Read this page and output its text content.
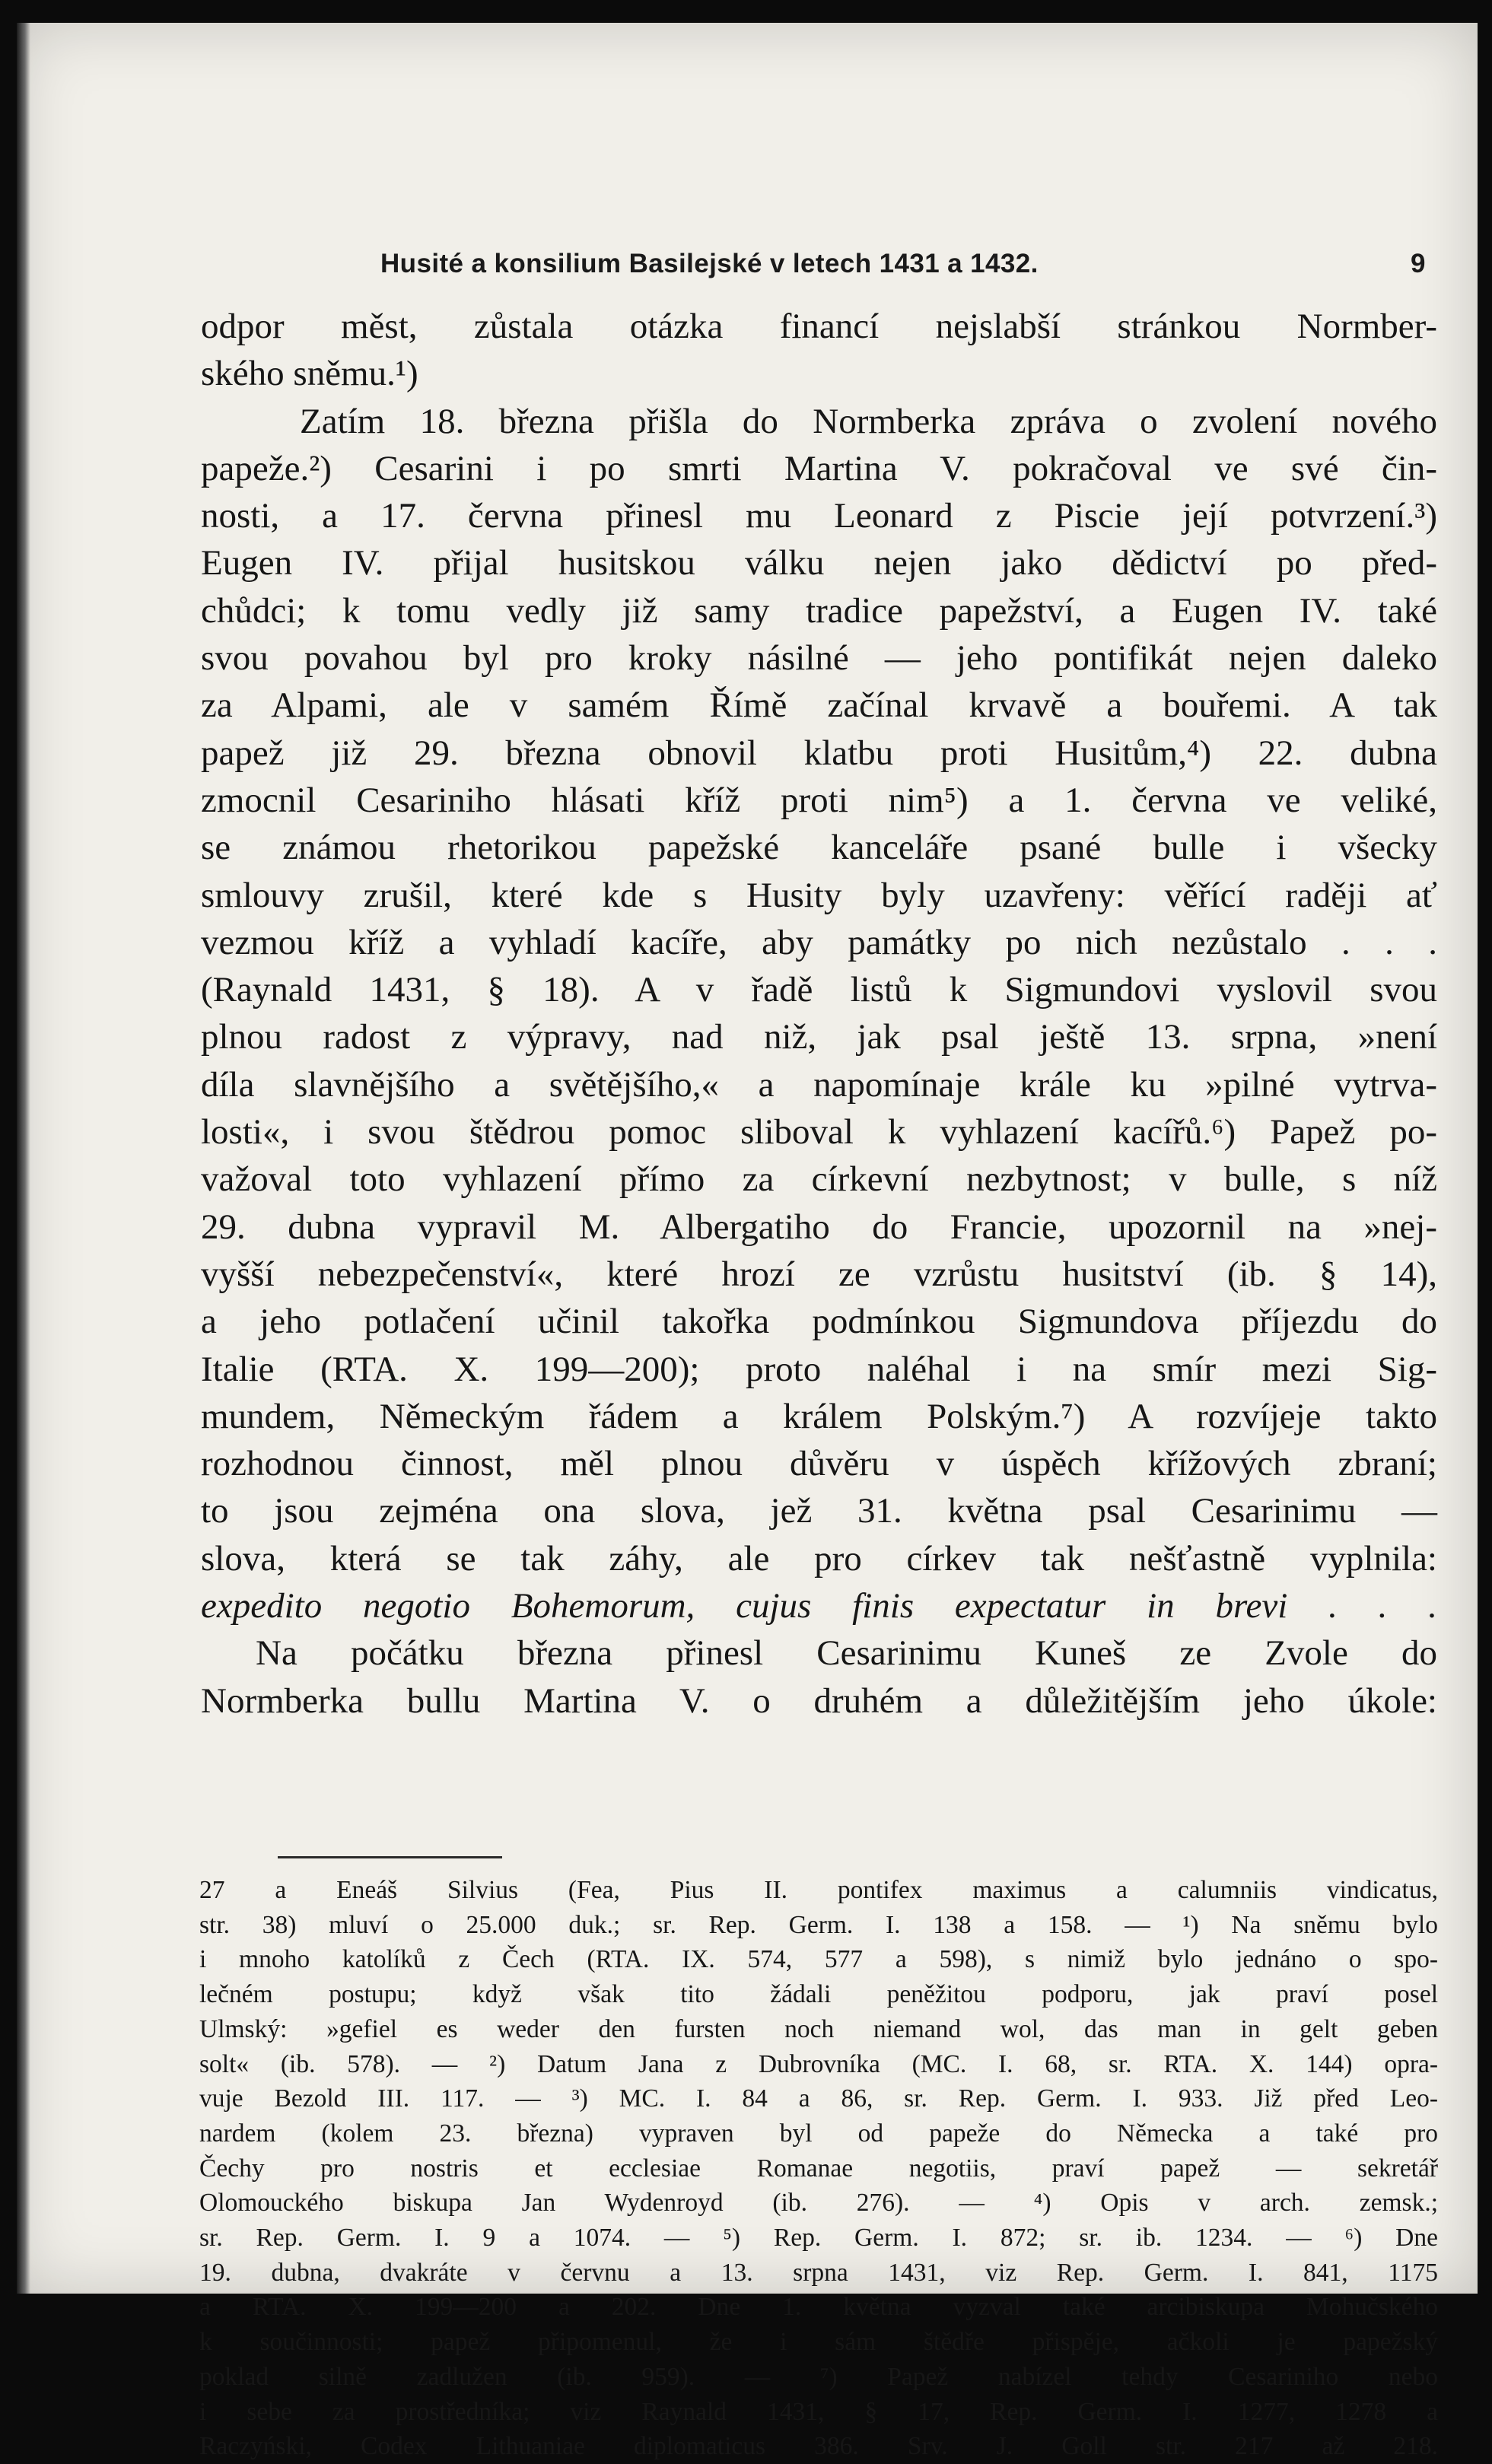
Husité a konsilium Basilejské v letech 1431 a 1432.	9
odpor měst, zůstala otázka financí nejslabší stránkou Normber-
ského sněmu.¹)
Zatím 18. března přišla do Normberka zpráva o zvolení nového
papeže.²) Cesarini i po smrti Martina V. pokračoval ve své čin-
nosti, a 17. června přinesl mu Leonard z Piscie její potvrzení.³)
Eugen IV. přijal husitskou válku nejen jako dědictví po před-
chůdci; k tomu vedly již samy tradice papežství, a Eugen IV. také
svou povahou byl pro kroky násilné — jeho pontifikát nejen daleko
za Alpami, ale v samém Římě začínal krvavě a bouřemi. A tak
papež již 29. března obnovil klatbu proti Husitům,⁴) 22. dubna
zmocnil Cesariniho hlásati kříž proti nim⁵) a 1. června ve veliké,
se známou rhetorikou papežské kanceláře psané bulle i všecky
smlouvy zrušil, které kde s Husity byly uzavřeny: věřící raději ať
vezmou kříž a vyhladí kacíře, aby památky po nich nezůstalo . . .
(Raynald 1431, § 18). A v řadě listů k Sigmundovi vyslovil svou
plnou radost z výpravy, nad niž, jak psal ještě 13. srpna, »není
díla slavnějšího a světějšího,« a napomínaje krále ku »pilné vytrva-
losti«, i svou štědrou pomoc sliboval k vyhlazení kacířů.⁶) Papež po-
važoval toto vyhlazení přímo za církevní nezbytnost; v bulle, s níž
29. dubna vypravil M. Albergatiho do Francie, upozornil na »nej-
vyšší nebezpečenství«, které hrozí ze vzrůstu husitství (ib. § 14),
a jeho potlačení učinil takořka podmínkou Sigmundova příjezdu do
Italie (RTA. X. 199—200); proto naléhal i na smír mezi Sig-
mundem, Německým řádem a králem Polským.⁷) A rozvíjeje takto
rozhodnou činnost, měl plnou důvěru v úspěch křížových zbraní;
to jsou zejména ona slova, jež 31. května psal Cesarinimu —
slova, která se tak záhy, ale pro církev tak nešťastně vyplnila:
expedito negotio Bohemorum, cujus finis expectatur in brevi . . .
Na počátku března přinesl Cesarinimu Kuneš ze Zvole do
Normberka bullu Martina V. o druhém a důležitějším jeho úkole:
27 a Eneáš Silvius (Fea, Pius II. pontifex maximus a calumniis vindicatus,
str. 38) mluví o 25.000 duk.; sr. Rep. Germ. I. 138 a 158. — ¹) Na sněmu bylo
i mnoho katolíků z Čech (RTA. IX. 574, 577 a 598), s nimiž bylo jednáno o spo-
lečném postupu; když však tito žádali peněžitou podporu, jak praví posel
Ulmský: »gefiel es weder den fursten noch niemand wol, das man in gelt geben
solt« (ib. 578). — ²) Datum Jana z Dubrovníka (MC. I. 68, sr. RTA. X. 144) opra-
vuje Bezold III. 117. — ³) MC. I. 84 a 86, sr. Rep. Germ. I. 933. Již před Leo-
nardem (kolem 23. března) vypraven byl od papeže do Německa a také pro
Čechy pro nostris et ecclesiae Romanae negotiis, praví papež — sekretář
Olomouckého biskupa Jan Wydenroyd (ib. 276). — ⁴) Opis v arch. zemsk.;
sr. Rep. Germ. I. 9 a 1074. — ⁵) Rep. Germ. I. 872; sr. ib. 1234. — ⁶) Dne
19. dubna, dvakráte v červnu a 13. srpna 1431, viz Rep. Germ. I. 841, 1175
a RTA. X. 199—200 a 202. Dne 1. května vyzval také arcibiskupa Mohučského
k součinnosti; papež připomenul, že i sám štědře přispěje, ačkoli je papežský
poklad silně zadlužen (ib. 959). — ⁷) Papež nabízel tehdy Cesariniho nebo
i sebe za prostředníka; viz Raynald 1431, § 17, Rep. Germ. I. 1277, 1278 a
Raczyński, Codex Lithuaniae diplomaticus 386. Srv. J. Goll str. 217 až 218.
